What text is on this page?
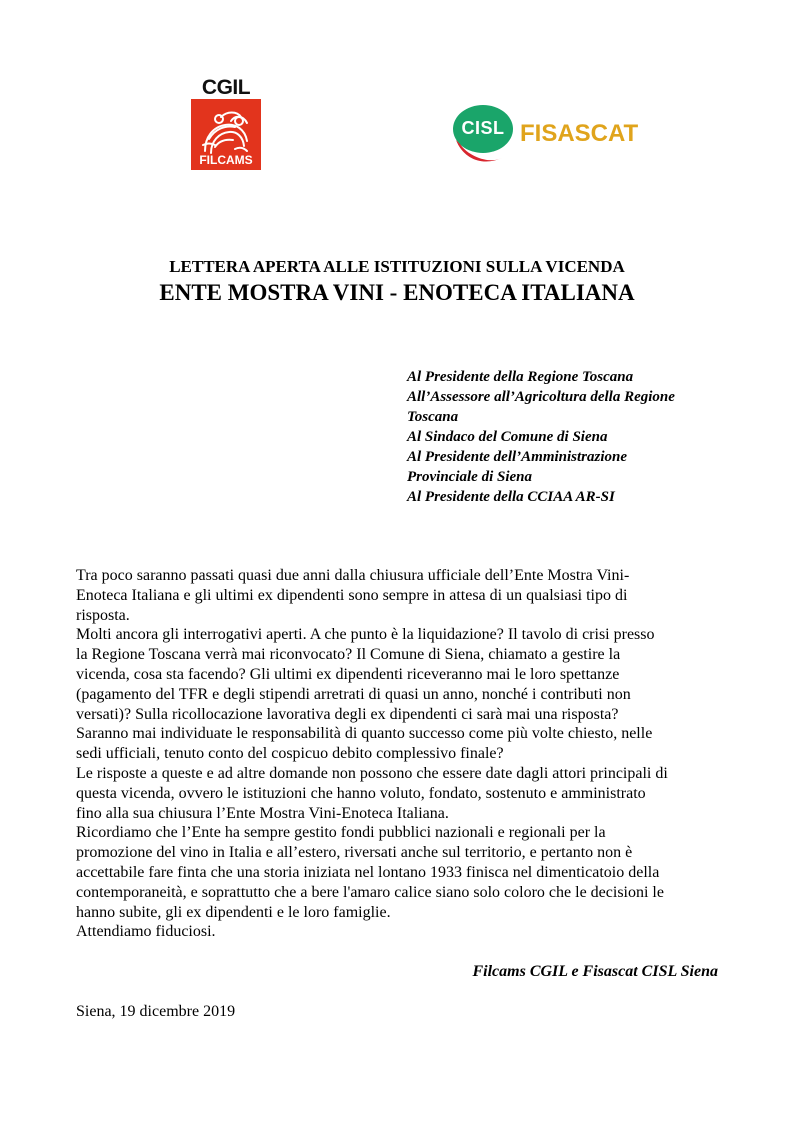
CGIL
FILCAMS
CISL FISASCAT
LETTERA APERTA ALLE ISTITUZIONI SULLA VICENDA
ENTE MOSTRA VINI - ENOTECA ITALIANA
Al Presidente della Regione Toscana
All’Assessore all’Agricoltura della Regione
Toscana
Al Sindaco del Comune di Siena
Al Presidente dell’Amministrazione
Provinciale di Siena
Al Presidente della CCIAA AR-SI
Tra poco saranno passati quasi due anni dalla chiusura ufficiale dell’Ente Mostra Vini-
Enoteca Italiana e gli ultimi ex dipendenti sono sempre in attesa di un qualsiasi tipo di
risposta.
Molti ancora gli interrogativi aperti. A che punto è la liquidazione? Il tavolo di crisi presso
la Regione Toscana verrà mai riconvocato? Il Comune di Siena, chiamato a gestire la
vicenda, cosa sta facendo? Gli ultimi ex dipendenti riceveranno mai le loro spettanze
(pagamento del TFR e degli stipendi arretrati di quasi un anno, nonché i contributi non
versati)? Sulla ricollocazione lavorativa degli ex dipendenti ci sarà mai una risposta?
Saranno mai individuate le responsabilità di quanto successo come più volte chiesto, nelle
sedi ufficiali, tenuto conto del cospicuo debito complessivo finale?
Le risposte a queste e ad altre domande non possono che essere date dagli attori principali di
questa vicenda, ovvero le istituzioni che hanno voluto, fondato, sostenuto e amministrato
fino alla sua chiusura l’Ente Mostra Vini-Enoteca Italiana.
Ricordiamo che l’Ente ha sempre gestito fondi pubblici nazionali e regionali per la
promozione del vino in Italia e all’estero, riversati anche sul territorio, e pertanto non è
accettabile fare finta che una storia iniziata nel lontano 1933 finisca nel dimenticatoio della
contemporaneità, e soprattutto che a bere l'amaro calice siano solo coloro che le decisioni le
hanno subite, gli ex dipendenti e le loro famiglie.
Attendiamo fiduciosi.
Filcams CGIL e Fisascat CISL Siena
Siena, 19 dicembre 2019
